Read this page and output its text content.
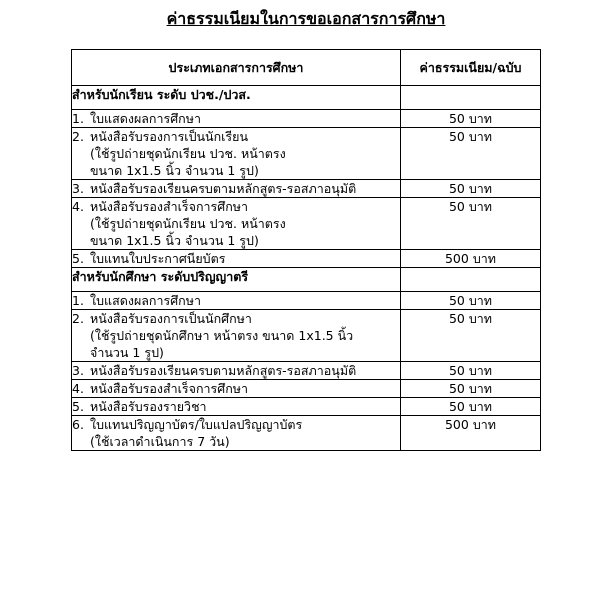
ค่าธรรมเนียมในการขอเอกสารการศึกษา
ประเภทเอกสารการศึกษา	ค่าธรรมเนียม/ฉบับ
สำหรับนักเรียน ระดับ ปวช./ปวส.	

1. ใบแสดงผลการศึกษา	50 บาท

2. หนังสือรับรองการเป็นนักเรียน
(ใช้รูปถ่ายชุดนักเรียน ปวช. หน้าตรง
ขนาด 1x1.5 นิ้ว จำนวน 1 รูป)	50 บาท

3. หนังสือรับรองเรียนครบตามหลักสูตร-รอสภาอนุมัติ	50 บาท

4. หนังสือรับรองสำเร็จการศึกษา
(ใช้รูปถ่ายชุดนักเรียน ปวช. หน้าตรง
ขนาด 1x1.5 นิ้ว จำนวน 1 รูป)	50 บาท

5. ใบแทนใบประกาศนียบัตร	500 บาท
สำหรับนักศึกษา ระดับปริญญาตรี	

1. ใบแสดงผลการศึกษา	50 บาท

2. หนังสือรับรองการเป็นนักศึกษา
(ใช้รูปถ่ายชุดนักศึกษา หน้าตรง ขนาด 1x1.5 นิ้ว
จำนวน 1 รูป)	50 บาท

3. หนังสือรับรองเรียนครบตามหลักสูตร-รอสภาอนุมัติ	50 บาท

4. หนังสือรับรองสำเร็จการศึกษา	50 บาท

5. หนังสือรับรองรายวิชา	50 บาท

6. ใบแทนปริญญาบัตร/ใบแปลปริญญาบัตร
(ใช้เวลาดำเนินการ 7 วัน)	500 บาท
